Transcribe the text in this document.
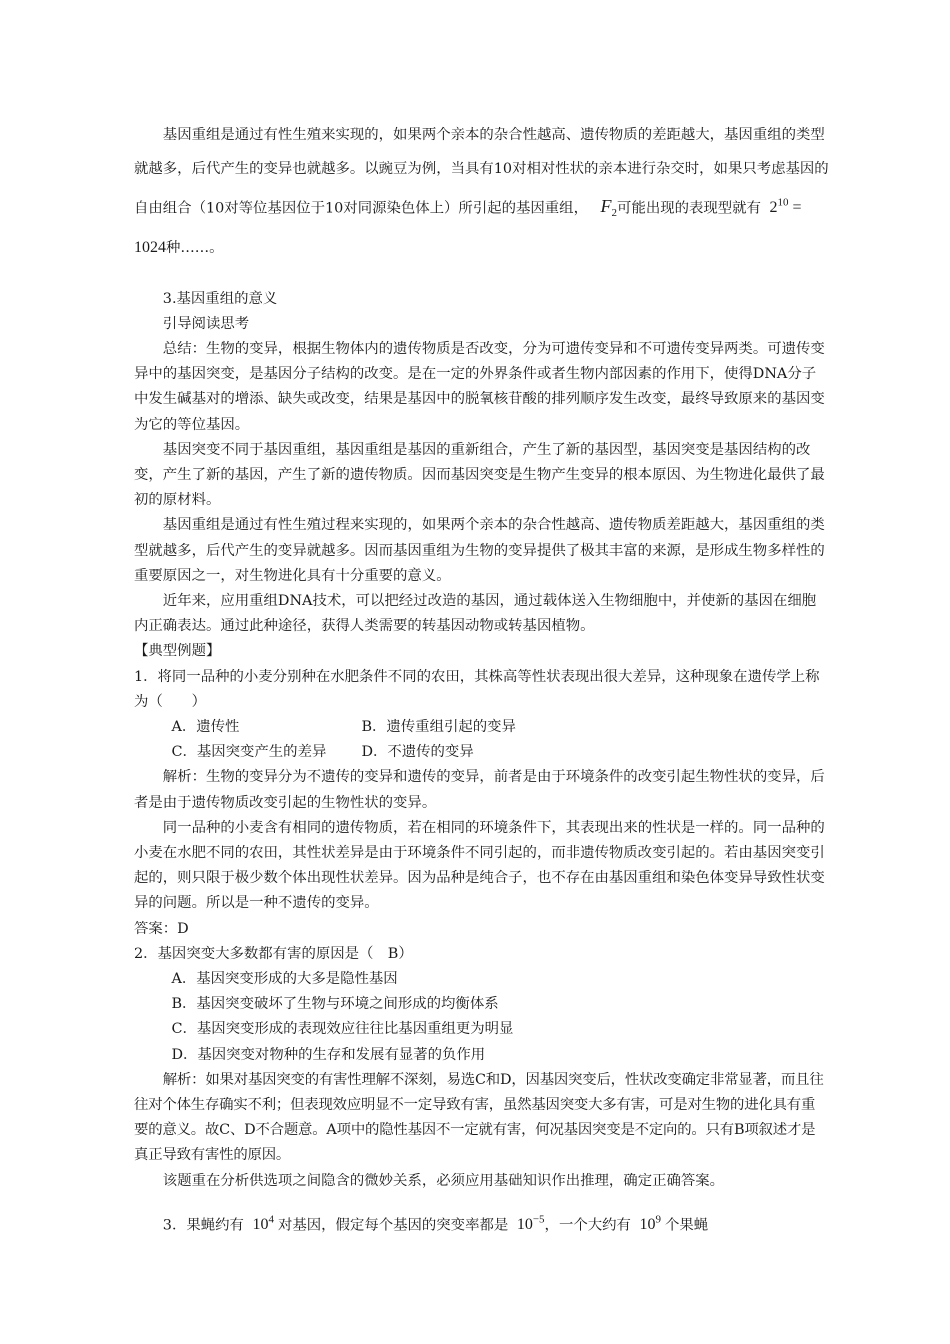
基因重组是通过有性生殖来实现的，如果两个亲本的杂合性越高、遗传物质的差距越大，基因重组的类型就越多，后代产生的变异也就越多。以豌豆为例，当具有10对相对性状的亲本进行杂交时，如果只考虑基因的自由组合（10对等位基因位于10对同源染色体上）所引起的基因重组， $F_2$可能出现的表现型就有 $2^{10} = 1024$种……。

3.基因重组的意义

引导阅读思考

总结：生物的变异，根据生物体内的遗传物质是否改变，分为可遗传变异和不可遗传变异两类。可遗传变异中的基因突变，是基因分子结构的改变。是在一定的外界条件或者生物内部因素的作用下，使得DNA分子中发生碱基对的增添、缺失或改变，结果是基因中的脱氧核苷酸的排列顺序发生改变，最终导致原来的基因变为它的等位基因。

基因突变不同于基因重组，基因重组是基因的重新组合，产生了新的基因型，基因突变是基因结构的改变，产生了新的基因，产生了新的遗传物质。因而基因突变是生物产生变异的根本原因、为生物进化最供了最初的原材料。

基因重组是通过有性生殖过程来实现的，如果两个亲本的杂合性越高、遗传物质差距越大，基因重组的类型就越多，后代产生的变异就越多。因而基因重组为生物的变异提供了极其丰富的来源，是形成生物多样性的重要原因之一，对生物进化具有十分重要的意义。

近年来，应用重组DNA技术，可以把经过改造的基因，通过载体送入生物细胞中，并使新的基因在细胞内正确表达。通过此种途径，获得人类需要的转基因动物或转基因植物。

【典型例题】

1．将同一品种的小麦分别种在水肥条件不同的农田，其株高等性状表现出很大差异，这种现象在遗传学上称为（　　）

A．遗传性	B．遗传重组引起的变异
C．基因突变产生的差异	D．不遗传的变异

解析：生物的变异分为不遗传的变异和遗传的变异，前者是由于环境条件的改变引起生物性状的变异，后者是由于遗传物质改变引起的生物性状的变异。

同一品种的小麦含有相同的遗传物质，若在相同的环境条件下，其表现出来的性状是一样的。同一品种的小麦在水肥不同的农田，其性状差异是由于环境条件不同引起的，而非遗传物质改变引起的。若由基因突变引起的，则只限于极少数个体出现性状差异。因为品种是纯合子，也不存在由基因重组和染色体变异导致性状变异的问题。所以是一种不遗传的变异。

答案：D

2．基因突变大多数都有害的原因是（　B）

A．基因突变形成的大多是隐性基因

B．基因突变破坏了生物与环境之间形成的均衡体系

C．基因突变形成的表现效应往往比基因重组更为明显

D．基因突变对物种的生存和发展有显著的负作用

解析：如果对基因突变的有害性理解不深刻，易选C和D，因基因突变后，性状改变确定非常显著，而且往往对个体生存确实不利；但表现效应明显不一定导致有害，虽然基因突变大多有害，可是对生物的进化具有重要的意义。故C、D不合题意。A项中的隐性基因不一定就有害，何况基因突变是不定向的。只有B项叙述才是真正导致有害性的原因。

该题重在分析供选项之间隐含的微妙关系，必须应用基础知识作出推理，确定正确答案。

3．果蝇约有 $10^4$ 对基因，假定每个基因的突变率都是 $10^{-5}$，一个大约有 $10^9$ 个果蝇
